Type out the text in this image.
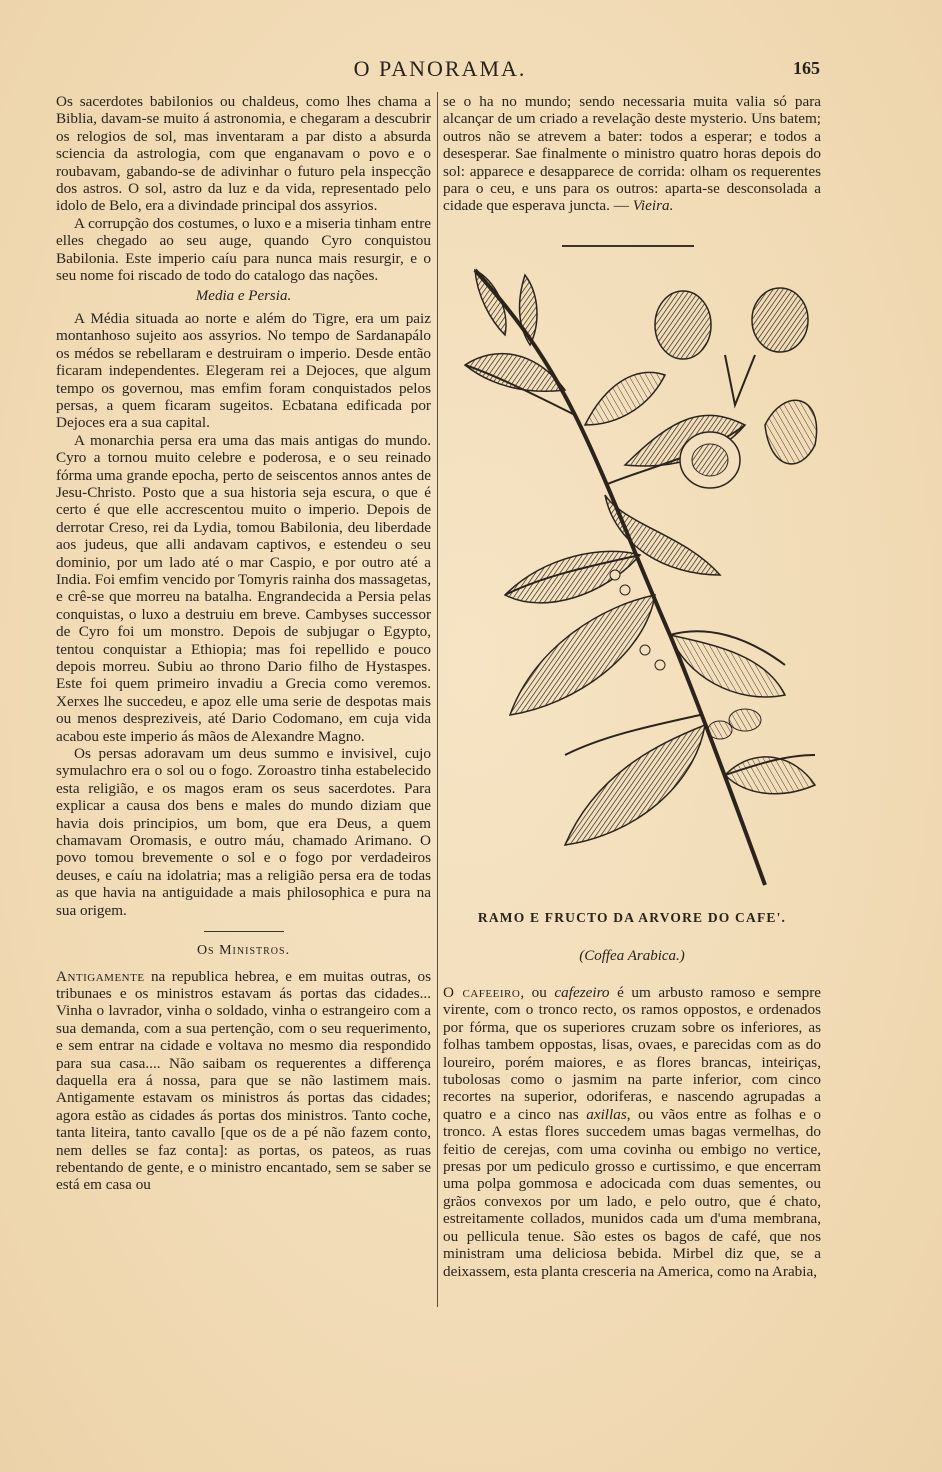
O PANORAMA.	165

Os sacerdotes babilonios ou chaldeus, como lhes chama a Biblia, davam-se muito á astronomia, e chegaram a descubrir os relogios de sol, mas inventaram a par disto a absurda sciencia da astrologia, com que enganavam o povo e o roubavam, gabando-se de adivinhar o futuro pela inspecção dos astros. O sol, astro da luz e da vida, representado pelo idolo de Belo, era a divindade principal dos assyrios.

A corrupção dos costumes, o luxo e a miseria tinham entre elles chegado ao seu auge, quando Cyro conquistou Babilonia. Este imperio caíu para nunca mais resurgir, e o seu nome foi riscado de todo do catalogo das nações.

Media e Persia.

A Média situada ao norte e além do Tigre, era um paiz montanhoso sujeito aos assyrios. No tempo de Sardanapálo os médos se rebellaram e destruiram o imperio. Desde então ficaram independentes. Elegeram rei a Dejoces, que algum tempo os governou, mas emfim foram conquistados pelos persas, a quem ficaram sugeitos. Ecbatana edificada por Dejoces era a sua capital.

A monarchia persa era uma das mais antigas do mundo. Cyro a tornou muito celebre e poderosa, e o seu reinado fórma uma grande epocha, perto de seiscentos annos antes de Jesu-Christo. Posto que a sua historia seja escura, o que é certo é que elle accrescentou muito o imperio. Depois de derrotar Creso, rei da Lydia, tomou Babilonia, deu liberdade aos judeus, que alli andavam captivos, e estendeu o seu dominio, por um lado até o mar Caspio, e por outro até a India. Foi emfim vencido por Tomyris rainha dos massagetas, e crê-se que morreu na batalha. Engrandecida a Persia pelas conquistas, o luxo a destruiu em breve. Cambyses successor de Cyro foi um monstro. Depois de subjugar o Egypto, tentou conquistar a Ethiopia; mas foi repellido e pouco depois morreu. Subiu ao throno Dario filho de Hystaspes. Este foi quem primeiro invadiu a Grecia como veremos. Xerxes lhe succedeu, e apoz elle uma serie de despotas mais ou menos despreziveis, até Dario Codomano, em cuja vida acabou este imperio ás mãos de Alexandre Magno.

Os persas adoravam um deus summo e invisivel, cujo symulachro era o sol ou o fogo. Zoroastro tinha estabelecido esta religião, e os magos eram os seus sacerdotes. Para explicar a causa dos bens e males do mundo diziam que havia dois principios, um bom, que era Deus, a quem chamavam Oromasis, e outro máu, chamado Arimano. O povo tomou brevemente o sol e o fogo por verdadeiros deuses, e caíu na idolatria; mas a religião persa era de todas as que havia na antiguidade a mais philosophica e pura na sua origem.

Os Ministros.

Antigamente na republica hebrea, e em muitas outras, os tribunaes e os ministros estavam ás portas das cidades... Vinha o lavrador, vinha o soldado, vinha o estrangeiro com a sua demanda, com a sua pertenção, com o seu requerimento, e sem entrar na cidade e voltava no mesmo dia respondido para sua casa.... Não saibam os requerentes a differença daquella era á nossa, para que se não lastimem mais. Antigamente estavam os ministros ás portas das cidades; agora estão as cidades ás portas dos ministros. Tanto coche, tanta liteira, tanto cavallo [que os de a pé não fazem conto, nem delles se faz conta]: as portas, os pateos, as ruas rebentando de gente, e o ministro encantado, sem se saber se está em casa ou

se o ha no mundo; sendo necessaria muita valia só para alcançar de um criado a revelação deste mysterio. Uns batem; outros não se atrevem a bater: todos a esperar; e todos a desesperar. Sae finalmente o ministro quatro horas depois do sol: apparece e desapparece de corrida: olham os requerentes para o ceu, e uns para os outros: aparta-se desconsolada a cidade que esperava juncta. — Vieira.

RAMO E FRUCTO DA ARVORE DO CAFE'.
(Coffea Arabica.)

O cafeeiro, ou cafezeiro é um arbusto ramoso e sempre virente, com o tronco recto, os ramos oppostos, e ordenados por fórma, que os superiores cruzam sobre os inferiores, as folhas tambem oppostas, lisas, ovaes, e parecidas com as do loureiro, porém maiores, e as flores brancas, inteiriças, tubolosas como o jasmim na parte inferior, com cinco recortes na superior, odoriferas, e nascendo agrupadas a quatro e a cinco nas axillas, ou vãos entre as folhas e o tronco. A estas flores succedem umas bagas vermelhas, do feitio de cerejas, com uma covinha ou embigo no vertice, presas por um pediculo grosso e curtissimo, e que encerram uma polpa gommosa e adocicada com duas sementes, ou grãos convexos por um lado, e pelo outro, que é chato, estreitamente collados, munidos cada um d'uma membrana, ou pellicula tenue. São estes os bagos de café, que nos ministram uma deliciosa bebida. Mirbel diz que, se a deixassem, esta planta cresceria na America, como na Arabia,
